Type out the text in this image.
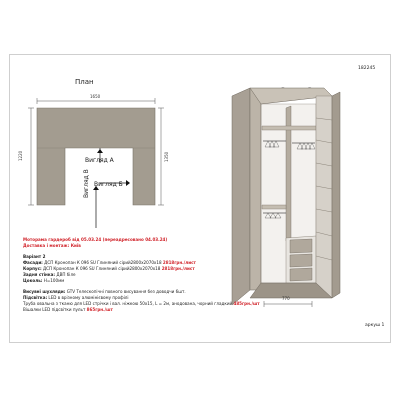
182245
аркуш 1
План
1650
1220	1350
Вигляд А
Вигляд Б
Вигляд В
770
Моторама гардероб від 05.03.24 (переадресовано 04.03.24)
Доставка і монтаж: Київ
Варіант 2
Фасади: ДСП Кронопан К 096 SU Глиняний сірий2800x2070x18 2818грн./лист
Корпус: ДСП Кронопан К 096 SU Глиняний сірий2800x2070x18 2818грн./лист
Задня стінка: ДВП біле
Цоколь: Н=100мм
Висувні шухляди: GTV Телескопічні повного висування без доводчи 6шт.
Підсвітка: LED в врізному алюмінієвому профілі
Труба овальна з тканю для LED стрічки і вал. ніжкою 50x15, L = 2м, анодована, чорний гладкий 485грн./шт
Вішалки LED підсвітки пульт 865грн./шт
